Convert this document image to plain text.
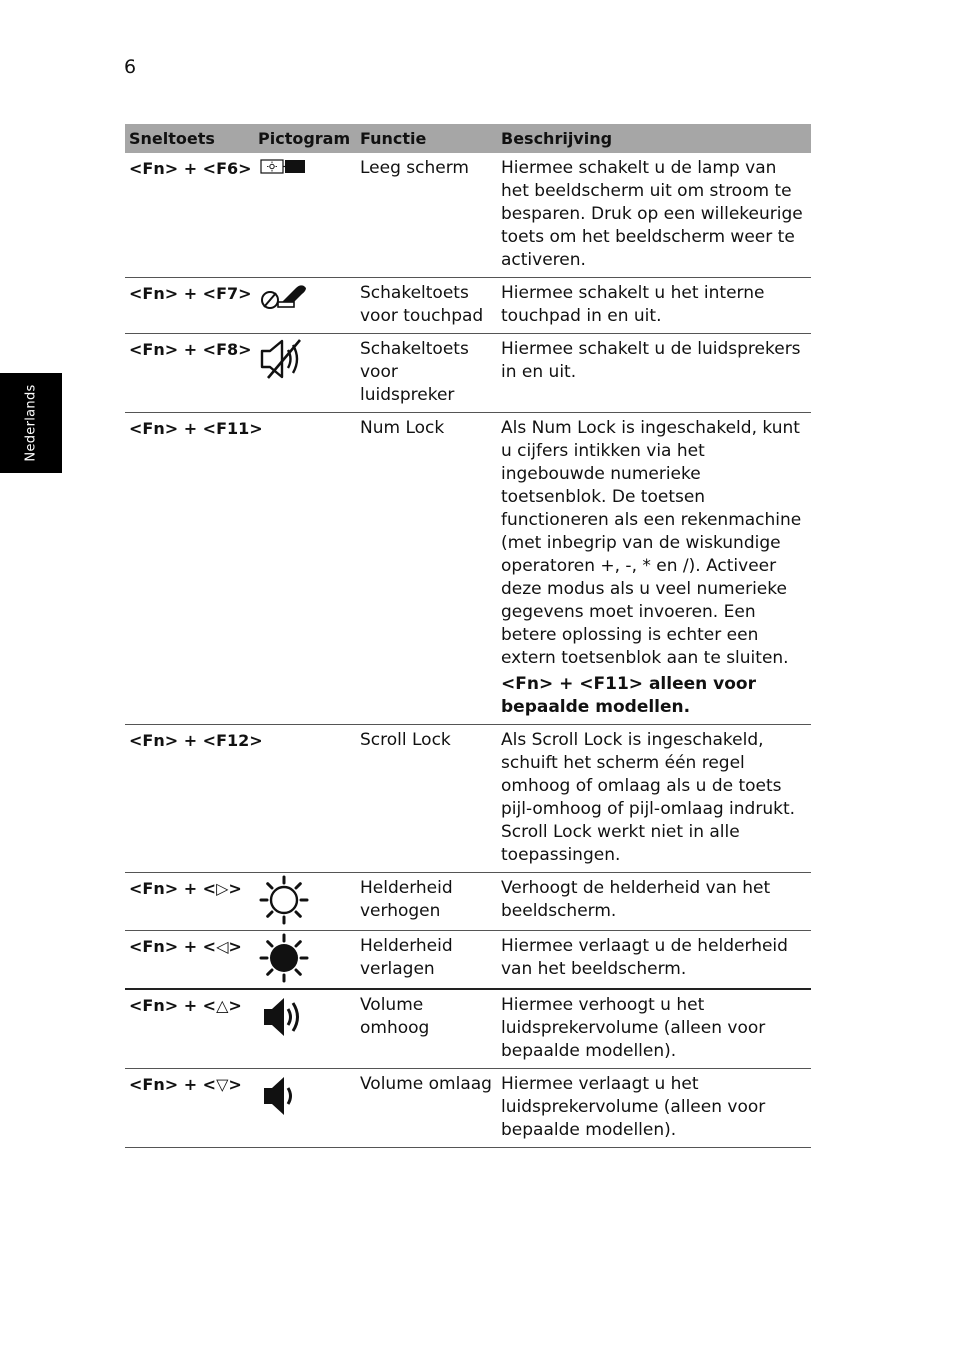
6
Nederlands
Sneltoets	Pictogram	Functie	Beschrijving
<Fn> + <F6>		Leeg scherm	Hiermee schakelt u de lamp van het beeldscherm uit om stroom te besparen. Druk op een willekeurige toets om het beeldscherm weer te activeren.
<Fn> + <F7>		Schakeltoets voor touchpad	Hiermee schakelt u het interne touchpad in en uit.
<Fn> + <F8>		Schakeltoets voor luidspreker	Hiermee schakelt u de luidsprekers in en uit.
<Fn> + <F11>		Num Lock	Als Num Lock is ingeschakeld, kunt u cijfers intikken via het ingebouwde numerieke toetsenblok. De toetsen functioneren als een rekenmachine (met inbegrip van de wiskundige operatoren +, -, * en /). Activeer deze modus als u veel numerieke gegevens moet invoeren. Een betere oplossing is echter een extern toetsenblok aan te sluiten.
<Fn> + <F11> alleen voor bepaalde modellen.

<Fn> + <F12>		Scroll Lock	Als Scroll Lock is ingeschakeld, schuift het scherm één regel omhoog of omlaag als u de toets pijl-omhoog of pijl-omlaag indrukt. Scroll Lock werkt niet in alle toepassingen.
<Fn> + <▷>		Helderheid verhogen	Verhoogt de helderheid van het beeldscherm.
<Fn> + <◁>		Helderheid verlagen	Hiermee verlaagt u de helderheid van het beeldscherm.
<Fn> + <△>		Volume omhoog	Hiermee verhoogt u het luidsprekervolume (alleen voor bepaalde modellen).
<Fn> + <▽>		Volume omlaag	Hiermee verlaagt u het luidsprekervolume (alleen voor bepaalde modellen).
